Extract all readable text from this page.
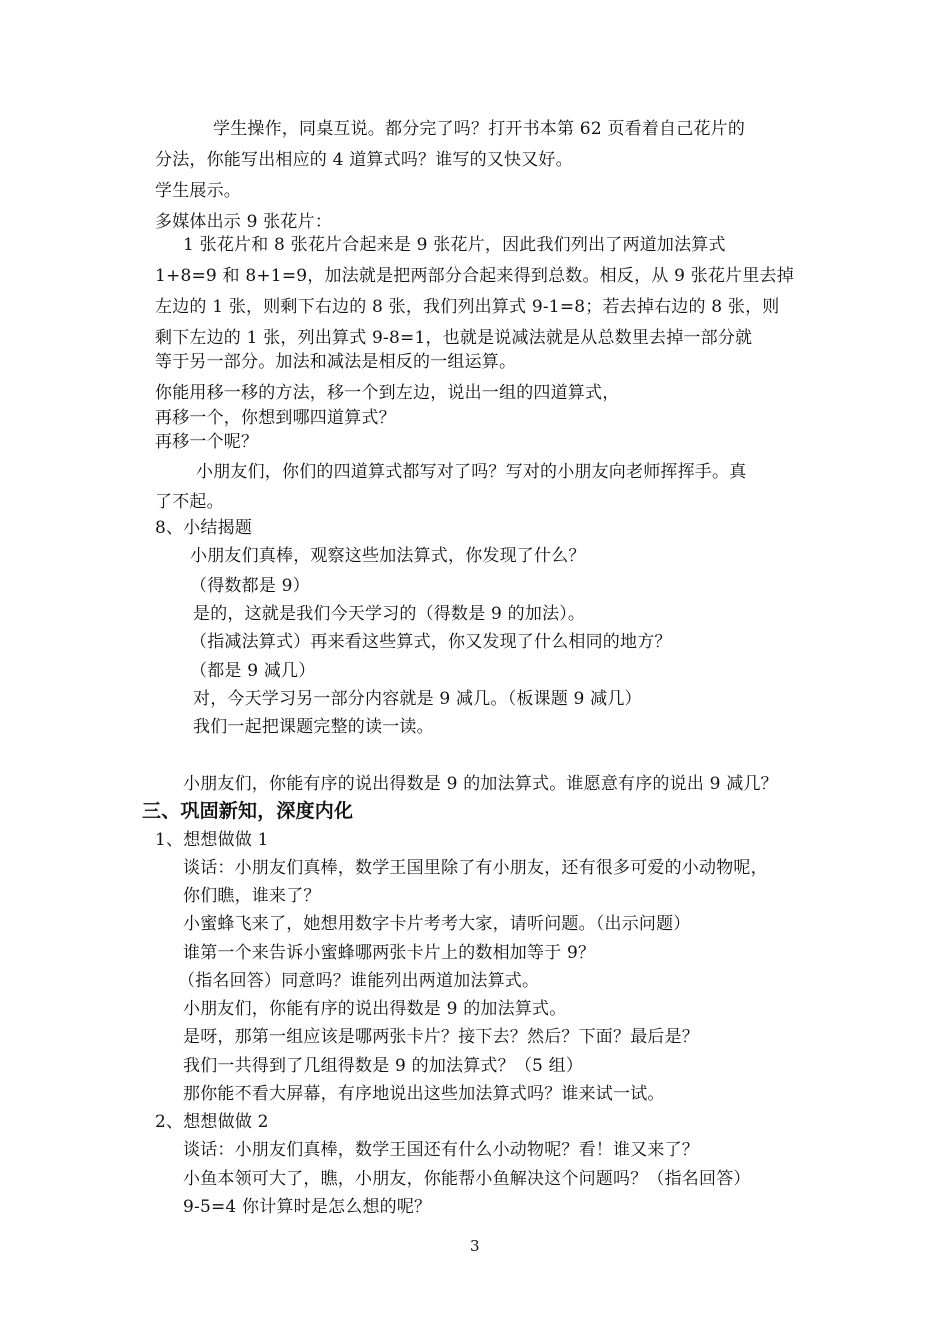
学生操作，同桌互说。都分完了吗？打开书本第 62 页看着自己花片的
分法，你能写出相应的 4 道算式吗？谁写的又快又好。
学生展示。
多媒体出示 9 张花片：
1 张花片和 8 张花片合起来是 9 张花片，因此我们列出了两道加法算式
1+8=9 和 8+1=9，加法就是把两部分合起来得到总数。相反，从 9 张花片里去掉
左边的 1 张，则剩下右边的 8 张，我们列出算式 9-1=8；若去掉右边的 8 张，则
剩下左边的 1 张，列出算式 9-8=1，也就是说减法就是从总数里去掉一部分就
等于另一部分。加法和减法是相反的一组运算。
你能用移一移的方法，移一个到左边，说出一组的四道算式，
再移一个，你想到哪四道算式？
再移一个呢？
小朋友们，你们的四道算式都写对了吗？写对的小朋友向老师挥挥手。真
了不起。
8、小结揭题
小朋友们真棒，观察这些加法算式，你发现了什么？
（得数都是 9）
是的，这就是我们今天学习的（得数是 9 的加法）。
（指减法算式）再来看这些算式，你又发现了什么相同的地方？
（都是 9 减几）
对，今天学习另一部分内容就是 9 减几。（板课题 9 减几）
我们一起把课题完整的读一读。
小朋友们，你能有序的说出得数是 9 的加法算式。谁愿意有序的说出 9 减几？
三、巩固新知，深度内化
1、想想做做 1
谈话：小朋友们真棒，数学王国里除了有小朋友，还有很多可爱的小动物呢，
你们瞧，谁来了？
小蜜蜂飞来了，她想用数字卡片考考大家，请听问题。（出示问题）
谁第一个来告诉小蜜蜂哪两张卡片上的数相加等于 9？
（指名回答）同意吗？谁能列出两道加法算式。
小朋友们，你能有序的说出得数是 9 的加法算式。
是呀，那第一组应该是哪两张卡片？接下去？然后？下面？最后是？
我们一共得到了几组得数是 9 的加法算式？（5 组）
那你能不看大屏幕，有序地说出这些加法算式吗？谁来试一试。
2、想想做做 2
谈话：小朋友们真棒，数学王国还有什么小动物呢？看！谁又来了？
小鱼本领可大了，瞧，小朋友，你能帮小鱼解决这个问题吗？（指名回答）
9-5=4 你计算时是怎么想的呢？
3
